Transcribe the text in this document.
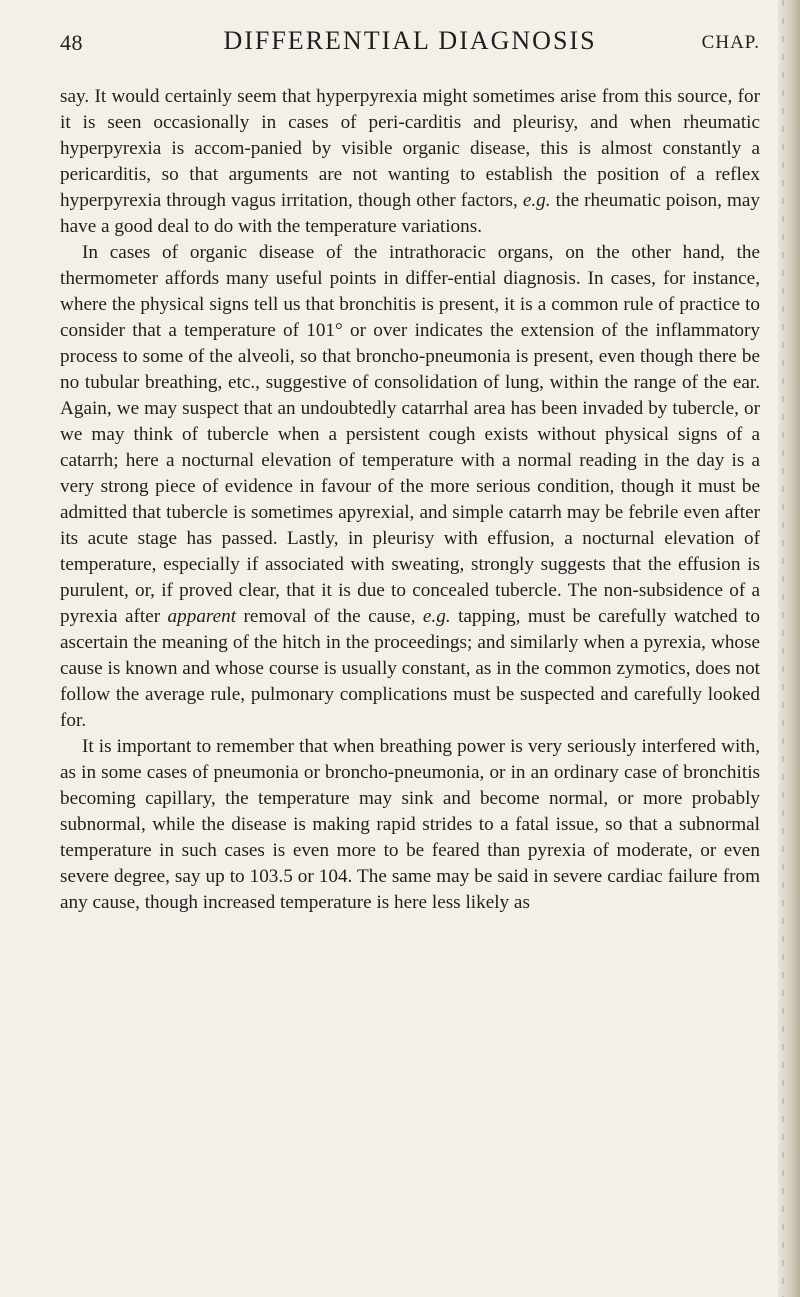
48	DIFFERENTIAL DIAGNOSIS	CHAP.

say. It would certainly seem that hyperpyrexia might sometimes arise from this source, for it is seen occasionally in cases of peri-carditis and pleurisy, and when rheumatic hyperpyrexia is accom-panied by visible organic disease, this is almost constantly a pericarditis, so that arguments are not wanting to establish the position of a reflex hyperpyrexia through vagus irritation, though other factors, e.g. the rheumatic poison, may have a good deal to do with the temperature variations.

In cases of organic disease of the intrathoracic organs, on the other hand, the thermometer affords many useful points in differ-ential diagnosis. In cases, for instance, where the physical signs tell us that bronchitis is present, it is a common rule of practice to consider that a temperature of 101° or over indicates the extension of the inflammatory process to some of the alveoli, so that broncho-pneumonia is present, even though there be no tubular breathing, etc., suggestive of consolidation of lung, within the range of the ear. Again, we may suspect that an undoubtedly catarrhal area has been invaded by tubercle, or we may think of tubercle when a persistent cough exists without physical signs of a catarrh; here a nocturnal elevation of temperature with a normal reading in the day is a very strong piece of evidence in favour of the more serious condition, though it must be admitted that tubercle is sometimes apyrexial, and simple catarrh may be febrile even after its acute stage has passed. Lastly, in pleurisy with effusion, a nocturnal elevation of temperature, especially if associated with sweating, strongly suggests that the effusion is purulent, or, if proved clear, that it is due to concealed tubercle. The non-subsidence of a pyrexia after apparent removal of the cause, e.g. tapping, must be carefully watched to ascertain the meaning of the hitch in the proceedings; and similarly when a pyrexia, whose cause is known and whose course is usually constant, as in the common zymotics, does not follow the average rule, pulmonary complications must be suspected and carefully looked for.

It is important to remember that when breathing power is very seriously interfered with, as in some cases of pneumonia or broncho-pneumonia, or in an ordinary case of bronchitis becoming capillary, the temperature may sink and become normal, or more probably subnormal, while the disease is making rapid strides to a fatal issue, so that a subnormal temperature in such cases is even more to be feared than pyrexia of moderate, or even severe degree, say up to 103.5 or 104. The same may be said in severe cardiac failure from any cause, though increased temperature is here less likely as
